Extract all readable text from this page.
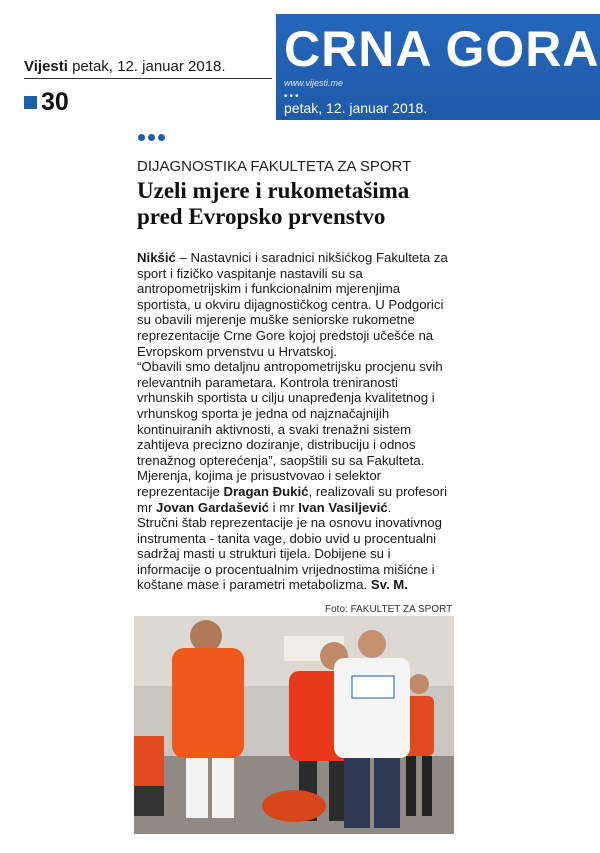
Vijesti petak, 12. januar 2018.
30
CRNA GORA
www.vijesti.me
•••
petak, 12. januar 2018.
DIJAGNOSTIKA FAKULTETA ZA SPORT
Uzeli mjere i rukometašima pred Evropsko prvenstvo

Nikšić – Nastavnici i saradnici nikšićkog Fakulteta za sport i fizičko vaspitanje nastavili su sa antropometrijskim i funkcionalnim mjerenjima sportista, u okviru dijagnostičkog centra. U Podgorici su obavili mjerenje muške seniorske rukometne reprezentacije Crne Gore kojoj predstoji učešće na Evropskom prvenstvu u Hrvatskoj.

“Obavili smo detaljnu antropometrijsku procjenu svih relevantnih parametara. Kontrola treniranosti vrhunskih sportista u cilju unapređenja kvalitetnog i vrhunskog sporta je jedna od najznačajnijih kontinuiranih aktivnosti, a svaki trenažni sistem zahtijeva precizno doziranje, distribuciju i odnos trenažnog opterećenja”, saopštili su sa Fakulteta.

Mjerenja, kojima je prisustvovao i selektor reprezentacije Dragan Đukić, realizovali su profesori mr Jovan Gardašević i mr Ivan Vasiljević.

Stručni štab reprezentacije je na osnovu inovativnog instrumenta - tanita vage, dobio uvid u procentualni sadržaj masti u strukturi tijela. Dobijene su i informacije o procentualnim vrijednostima mišićne i koštane mase i parametri metabolizma. Sv. M.

Foto: FAKULTET ZA SPORT
